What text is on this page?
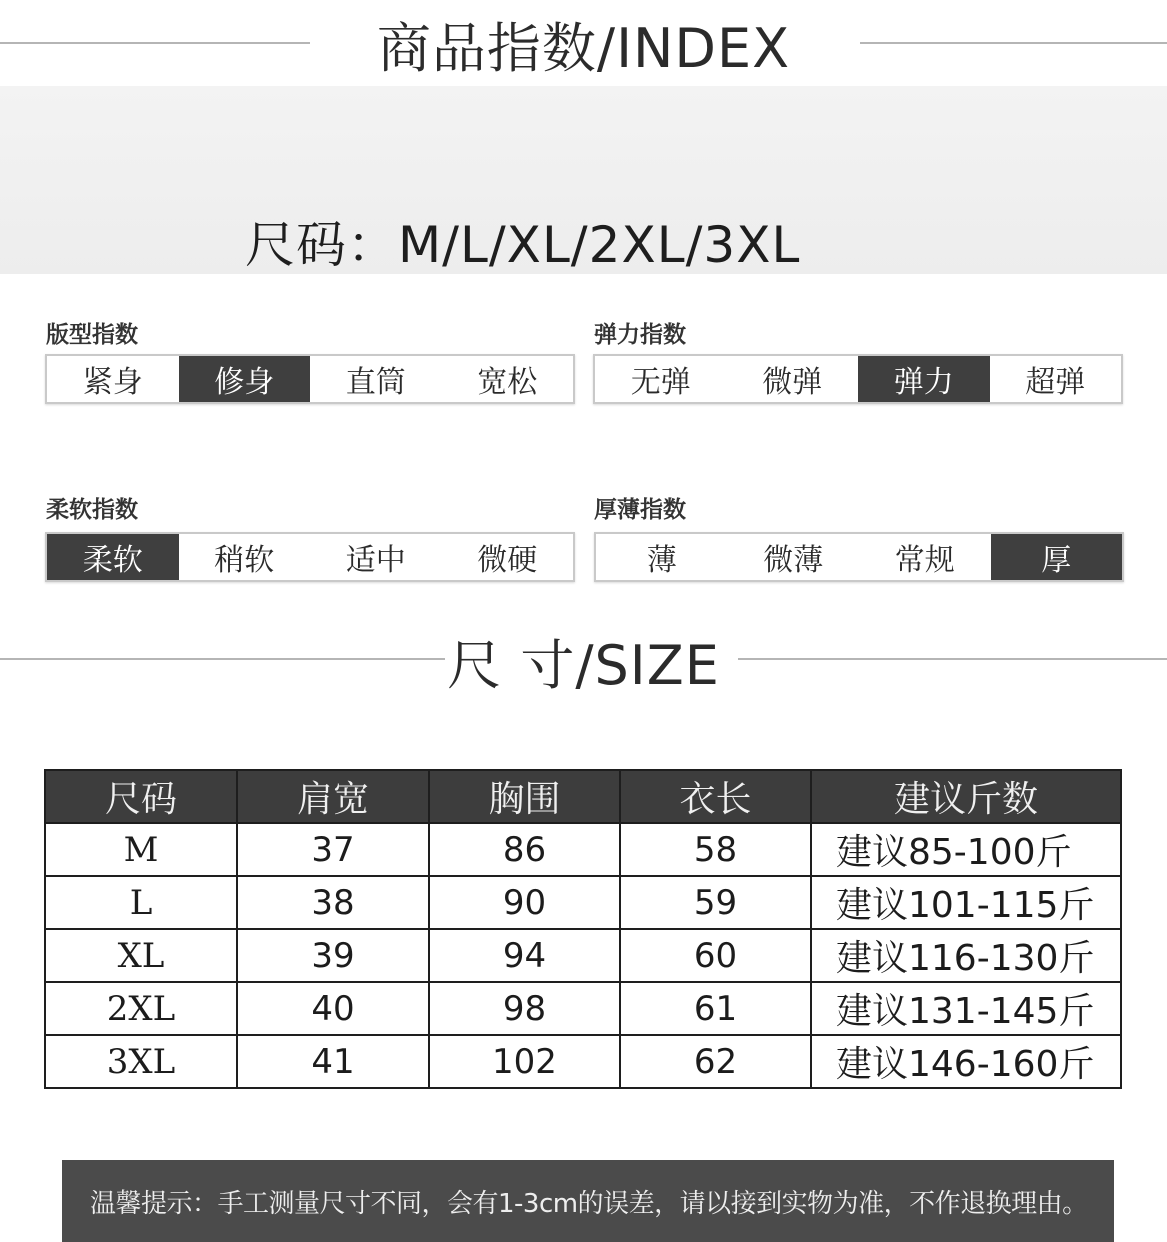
商品指数/INDEX
尺码：M/L/XL/2XL/3XL
版型指数
紧身	修身	直筒	宽松
弹力指数
无弹	微弹	弹力	超弹
柔软指数
柔软	稍软	适中	微硬
厚薄指数
薄	微薄	常规	厚
尺 寸/SIZE
尺码	肩宽	胸围	衣长	建议斤数
M	37	86	58	建议85-100斤
L	38	90	59	建议101-115斤
XL	39	94	60	建议116-130斤
2XL	40	98	61	建议131-145斤
3XL	41	102	62	建议146-160斤
温馨提示：手工测量尺寸不同，会有1-3cm的误差，请以接到实物为准，不作退换理由。
